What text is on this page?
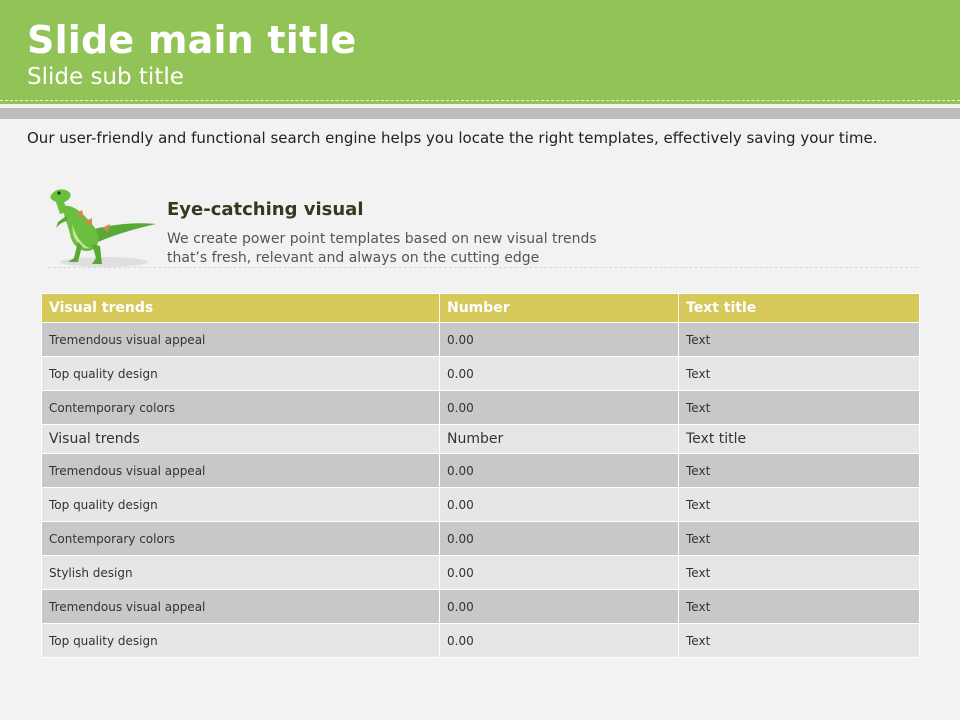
Slide main title
Slide sub title
Our user-friendly and functional search engine helps you locate the right templates, effectively saving your time.
Eye-catching visual
We create power point templates based on new visual trends
that’s fresh, relevant and always on the cutting edge
Visual trends	Number	Text title
Tremendous visual appeal	0.00	Text
Top quality design	0.00	Text
Contemporary colors	0.00	Text
Visual trends	Number	Text title
Tremendous visual appeal	0.00	Text
Top quality design	0.00	Text
Contemporary colors	0.00	Text
Stylish design	0.00	Text
Tremendous visual appeal	0.00	Text
Top quality design	0.00	Text
